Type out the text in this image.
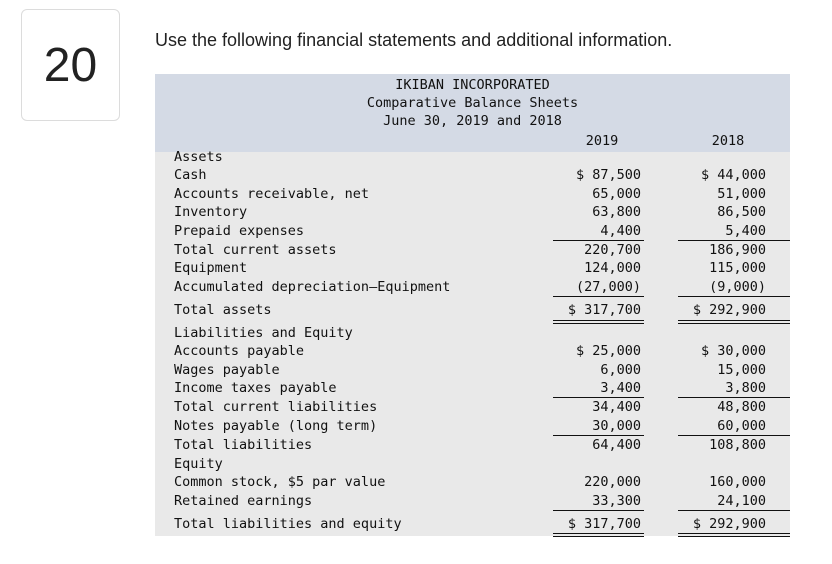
20	Use the following financial statements and additional information.
IKIBAN INCORPORATED
Comparative Balance Sheets
June 30, 2019 and 2018
2019	2018
Assets
Cash	$ 87,500	$ 44,000
Accounts receivable, net	65,000	51,000
Inventory	63,800	86,500
Prepaid expenses	4,400	5,400
Total current assets	220,700	186,900
Equipment	124,000	115,000
Accumulated depreciation—Equipment	(27,000)	(9,000)
Total assets	$ 317,700	$ 292,900
Liabilities and Equity
Accounts payable	$ 25,000	$ 30,000
Wages payable	6,000	15,000
Income taxes payable	3,400	3,800
Total current liabilities	34,400	48,800
Notes payable (long term)	30,000	60,000
Total liabilities	64,400	108,800
Equity
Common stock, $5 par value	220,000	160,000
Retained earnings	33,300	24,100
Total liabilities and equity	$ 317,700	$ 292,900
